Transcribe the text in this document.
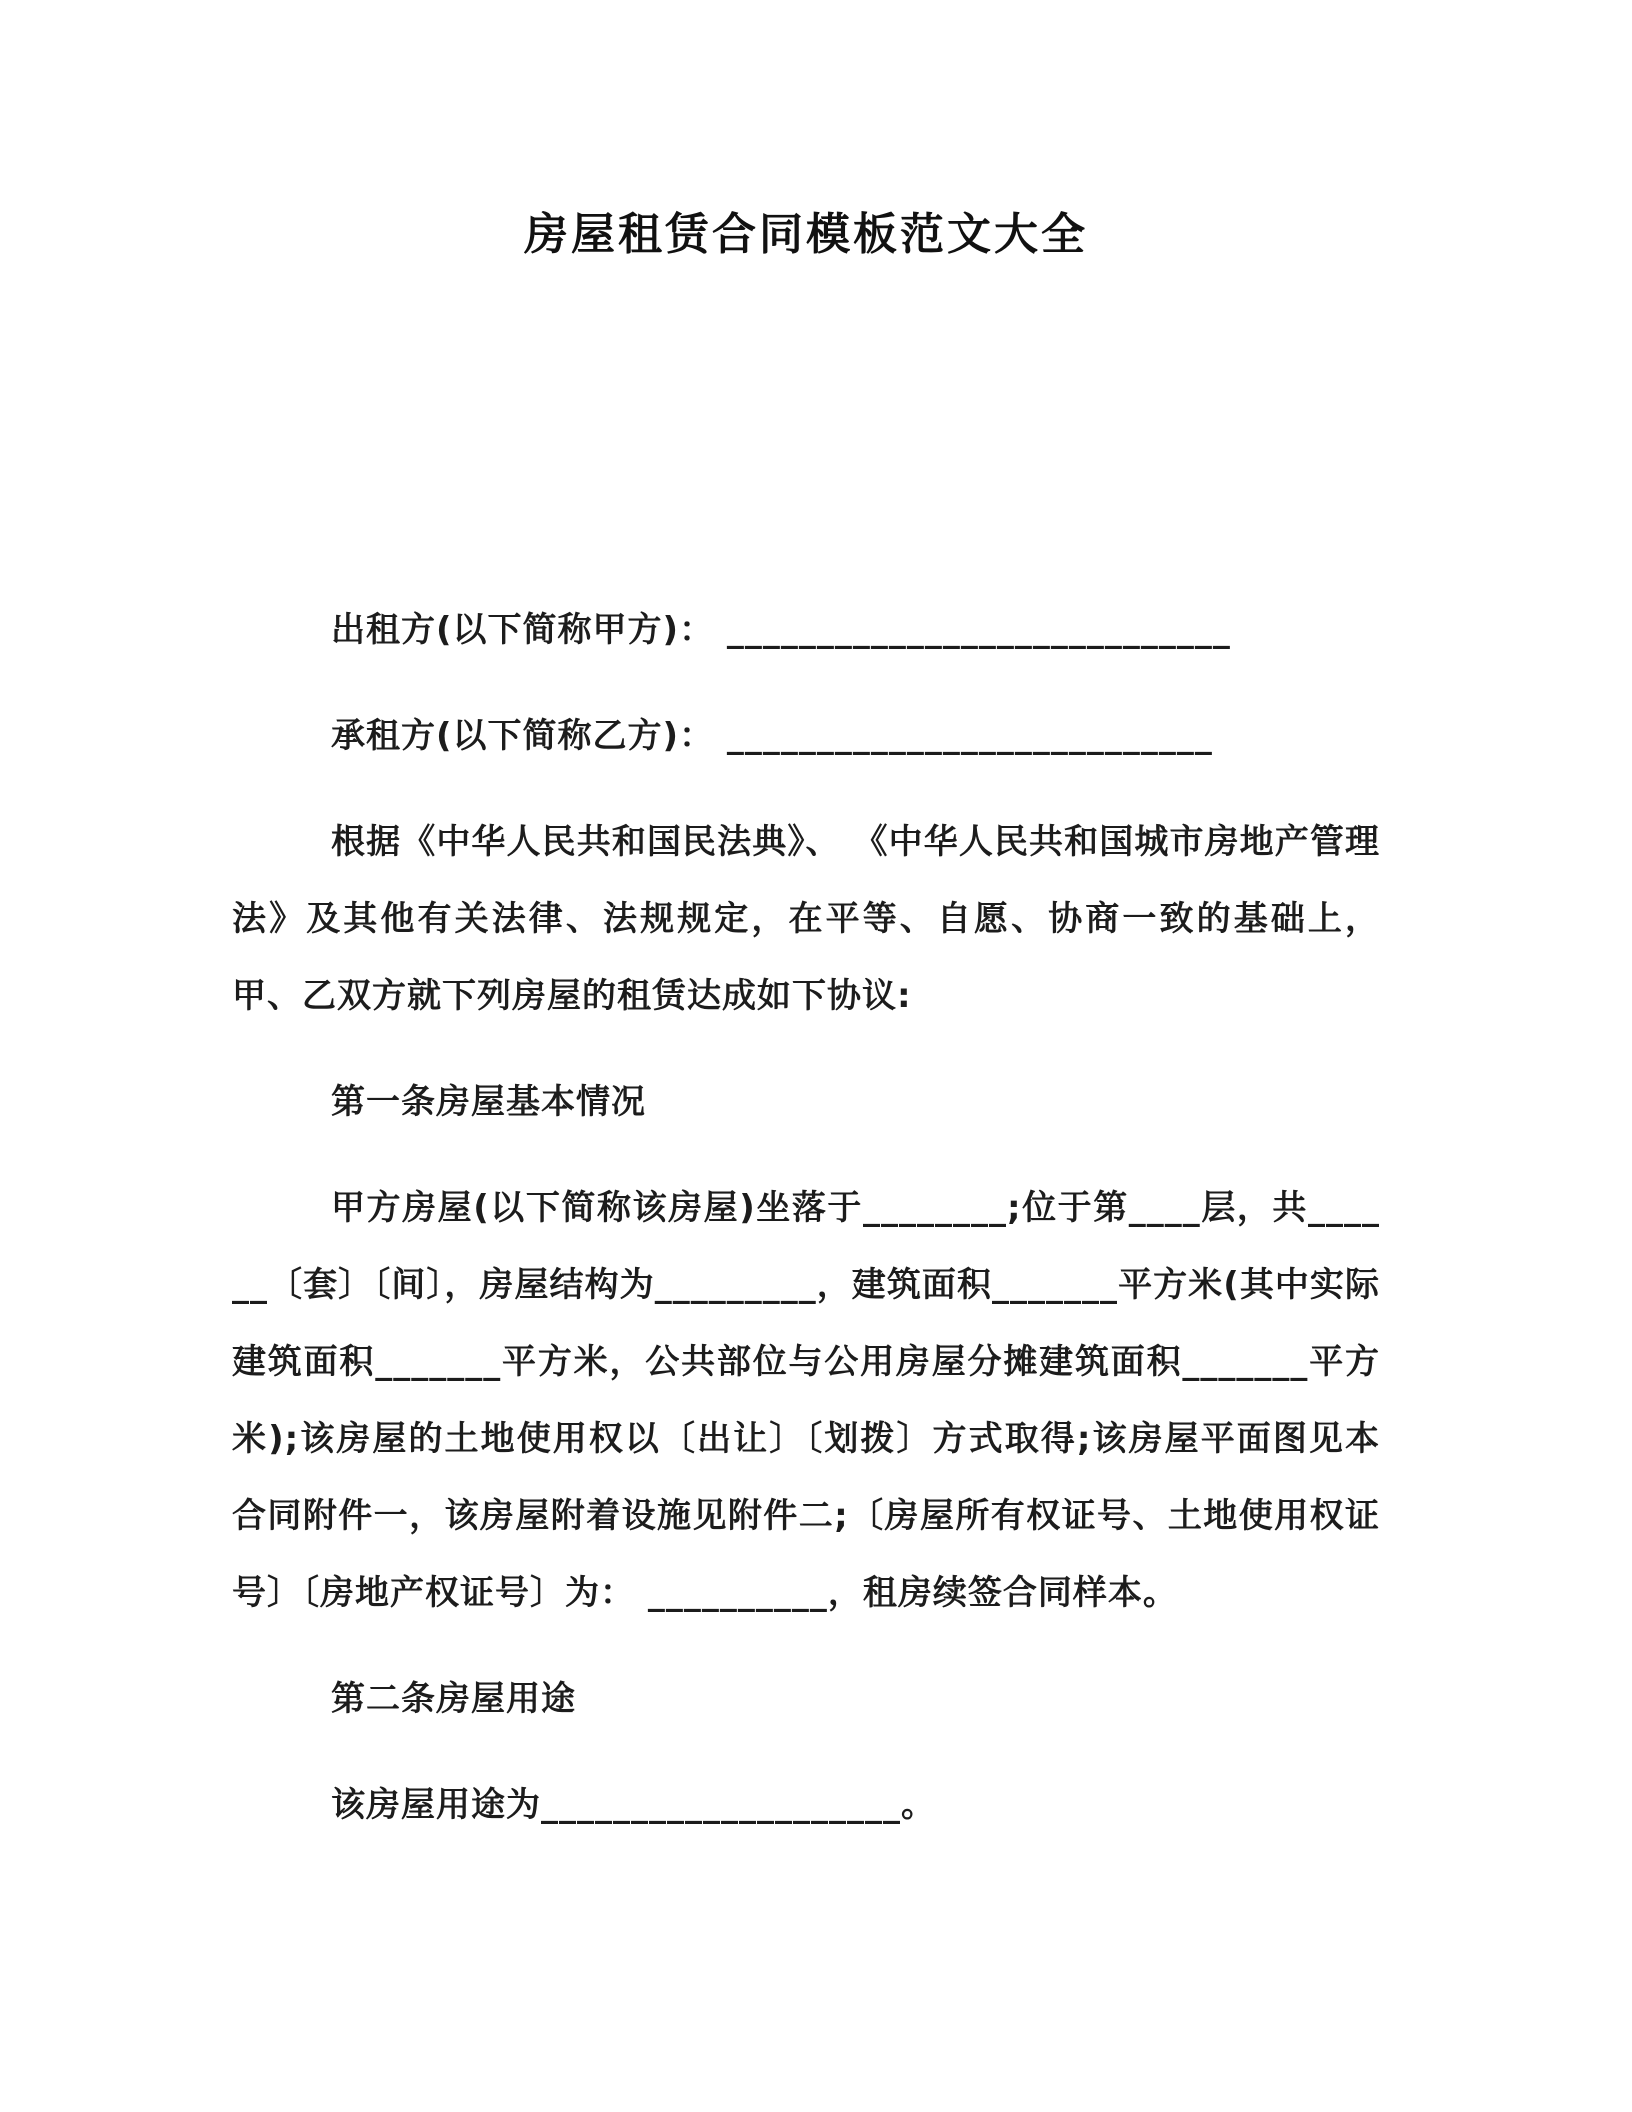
房屋租赁合同模板范文大全

出租方(以下简称甲方)： ____________________________

承租方(以下简称乙方)： ___________________________

根据《中华人民共和国民法典》、 《中华人民共和国城市房地产管理法》及其他有关法律、法规规定，在平等、自愿、协商一致的基础上，甲、乙双方就下列房屋的租赁达成如下协议:

第一条房屋基本情况

甲方房屋(以下简称该房屋)坐落于________;位于第____层，共______〔套〕〔间〕，房屋结构为_________，建筑面积_______平方米(其中实际建筑面积_______平方米，公共部位与公用房屋分摊建筑面积_______平方米);该房屋的土地使用权以〔出让〕〔划拨〕方式取得;该房屋平面图见本合同附件一，该房屋附着设施见附件二;〔房屋所有权证号、土地使用权证号〕〔房地产权证号〕为： __________，租房续签合同样本。

第二条房屋用途

该房屋用途为____________________。
